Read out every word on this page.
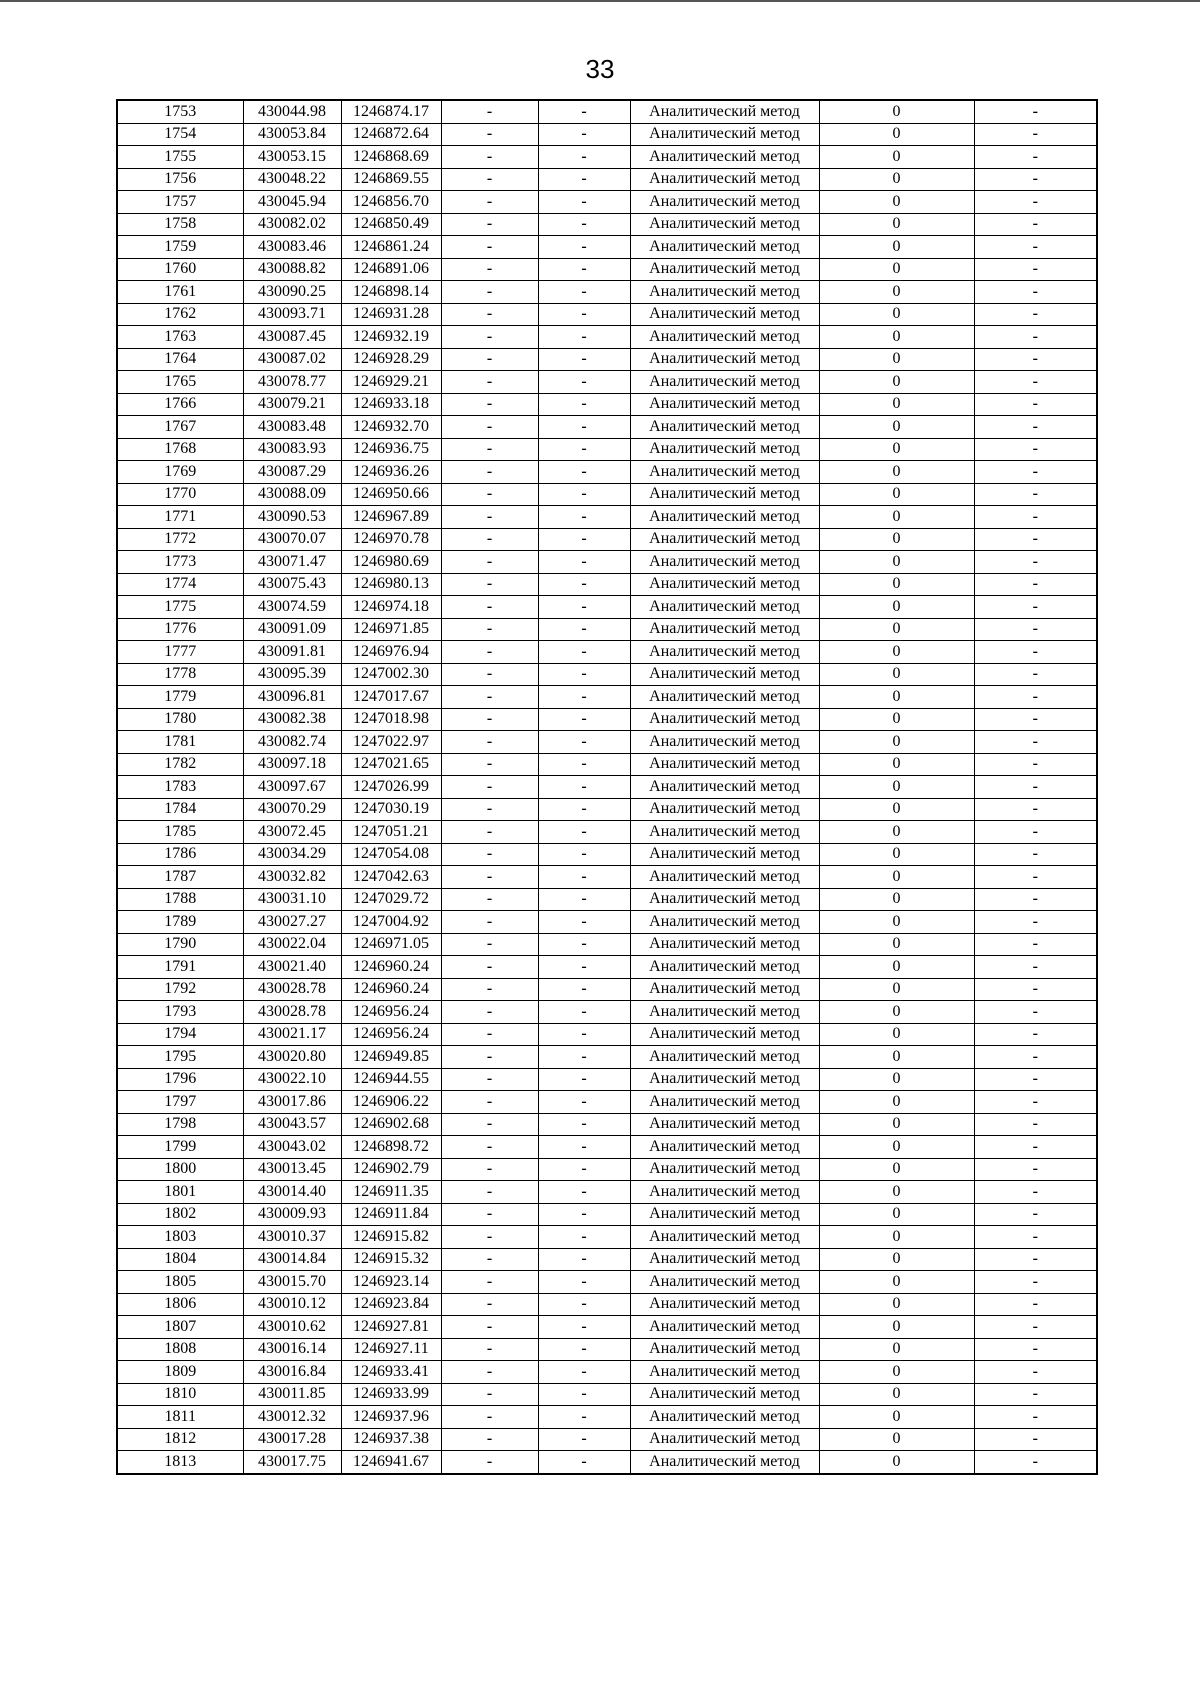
33
1753	430044.98	1246874.17	-	-	Аналитический метод	0	-
1754	430053.84	1246872.64	-	-	Аналитический метод	0	-
1755	430053.15	1246868.69	-	-	Аналитический метод	0	-
1756	430048.22	1246869.55	-	-	Аналитический метод	0	-
1757	430045.94	1246856.70	-	-	Аналитический метод	0	-
1758	430082.02	1246850.49	-	-	Аналитический метод	0	-
1759	430083.46	1246861.24	-	-	Аналитический метод	0	-
1760	430088.82	1246891.06	-	-	Аналитический метод	0	-
1761	430090.25	1246898.14	-	-	Аналитический метод	0	-
1762	430093.71	1246931.28	-	-	Аналитический метод	0	-
1763	430087.45	1246932.19	-	-	Аналитический метод	0	-
1764	430087.02	1246928.29	-	-	Аналитический метод	0	-
1765	430078.77	1246929.21	-	-	Аналитический метод	0	-
1766	430079.21	1246933.18	-	-	Аналитический метод	0	-
1767	430083.48	1246932.70	-	-	Аналитический метод	0	-
1768	430083.93	1246936.75	-	-	Аналитический метод	0	-
1769	430087.29	1246936.26	-	-	Аналитический метод	0	-
1770	430088.09	1246950.66	-	-	Аналитический метод	0	-
1771	430090.53	1246967.89	-	-	Аналитический метод	0	-
1772	430070.07	1246970.78	-	-	Аналитический метод	0	-
1773	430071.47	1246980.69	-	-	Аналитический метод	0	-
1774	430075.43	1246980.13	-	-	Аналитический метод	0	-
1775	430074.59	1246974.18	-	-	Аналитический метод	0	-
1776	430091.09	1246971.85	-	-	Аналитический метод	0	-
1777	430091.81	1246976.94	-	-	Аналитический метод	0	-
1778	430095.39	1247002.30	-	-	Аналитический метод	0	-
1779	430096.81	1247017.67	-	-	Аналитический метод	0	-
1780	430082.38	1247018.98	-	-	Аналитический метод	0	-
1781	430082.74	1247022.97	-	-	Аналитический метод	0	-
1782	430097.18	1247021.65	-	-	Аналитический метод	0	-
1783	430097.67	1247026.99	-	-	Аналитический метод	0	-
1784	430070.29	1247030.19	-	-	Аналитический метод	0	-
1785	430072.45	1247051.21	-	-	Аналитический метод	0	-
1786	430034.29	1247054.08	-	-	Аналитический метод	0	-
1787	430032.82	1247042.63	-	-	Аналитический метод	0	-
1788	430031.10	1247029.72	-	-	Аналитический метод	0	-
1789	430027.27	1247004.92	-	-	Аналитический метод	0	-
1790	430022.04	1246971.05	-	-	Аналитический метод	0	-
1791	430021.40	1246960.24	-	-	Аналитический метод	0	-
1792	430028.78	1246960.24	-	-	Аналитический метод	0	-
1793	430028.78	1246956.24	-	-	Аналитический метод	0	-
1794	430021.17	1246956.24	-	-	Аналитический метод	0	-
1795	430020.80	1246949.85	-	-	Аналитический метод	0	-
1796	430022.10	1246944.55	-	-	Аналитический метод	0	-
1797	430017.86	1246906.22	-	-	Аналитический метод	0	-
1798	430043.57	1246902.68	-	-	Аналитический метод	0	-
1799	430043.02	1246898.72	-	-	Аналитический метод	0	-
1800	430013.45	1246902.79	-	-	Аналитический метод	0	-
1801	430014.40	1246911.35	-	-	Аналитический метод	0	-
1802	430009.93	1246911.84	-	-	Аналитический метод	0	-
1803	430010.37	1246915.82	-	-	Аналитический метод	0	-
1804	430014.84	1246915.32	-	-	Аналитический метод	0	-
1805	430015.70	1246923.14	-	-	Аналитический метод	0	-
1806	430010.12	1246923.84	-	-	Аналитический метод	0	-
1807	430010.62	1246927.81	-	-	Аналитический метод	0	-
1808	430016.14	1246927.11	-	-	Аналитический метод	0	-
1809	430016.84	1246933.41	-	-	Аналитический метод	0	-
1810	430011.85	1246933.99	-	-	Аналитический метод	0	-
1811	430012.32	1246937.96	-	-	Аналитический метод	0	-
1812	430017.28	1246937.38	-	-	Аналитический метод	0	-
1813	430017.75	1246941.67	-	-	Аналитический метод	0	-
